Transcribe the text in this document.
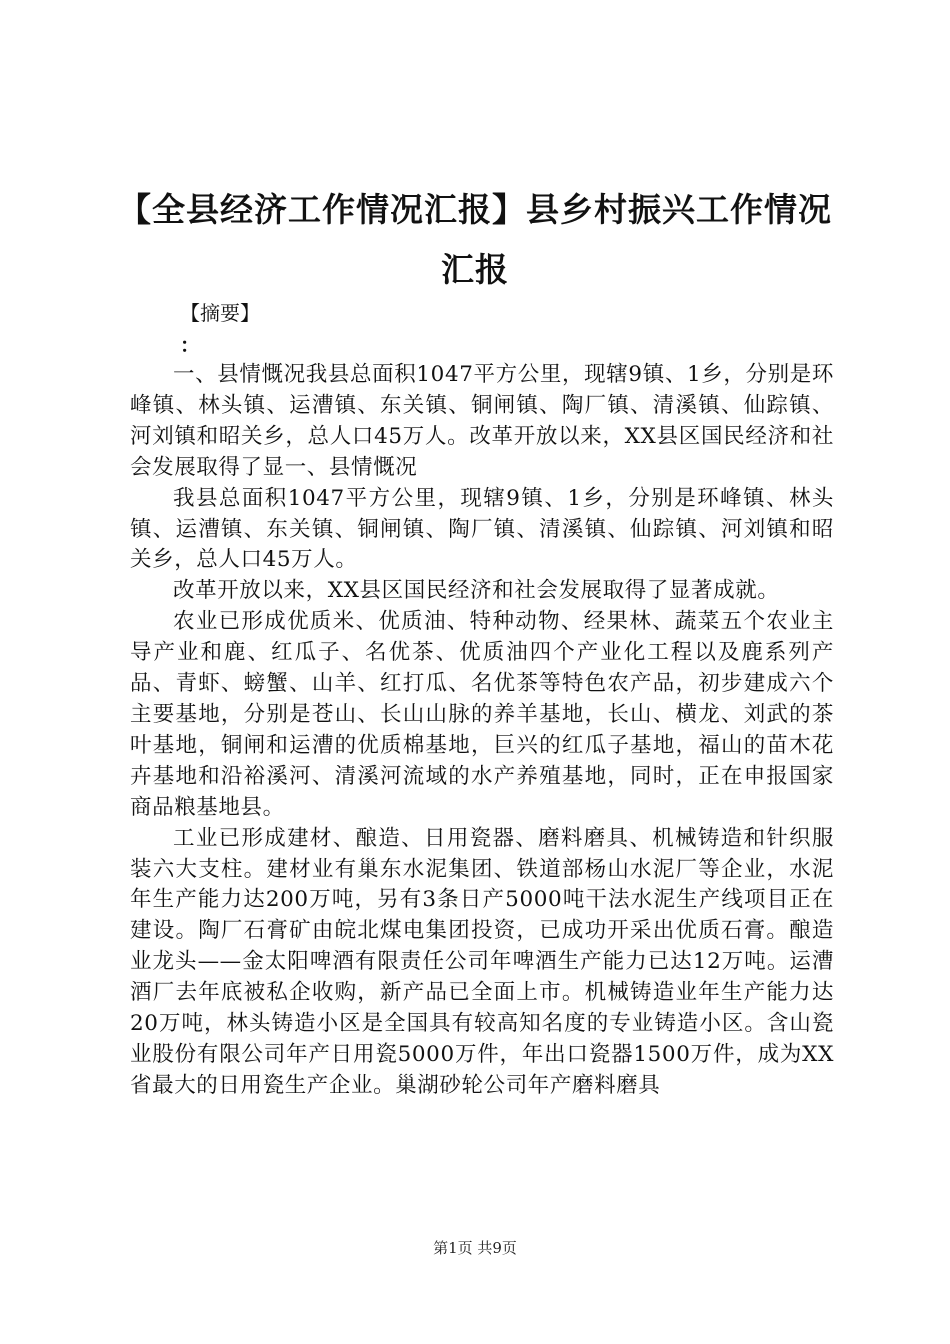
【全县经济工作情况汇报】县乡村振兴工作情况汇报

【摘要】

：

一、县情慨况我县总面积1047平方公里，现辖9镇、1乡，分别是环峰镇、林头镇、运漕镇、东关镇、铜闸镇、陶厂镇、清溪镇、仙踪镇、河刘镇和昭关乡，总人口45万人。改革开放以来，XX县区国民经济和社会发展取得了显一、县情慨况

我县总面积1047平方公里，现辖9镇、1乡，分别是环峰镇、林头镇、运漕镇、东关镇、铜闸镇、陶厂镇、清溪镇、仙踪镇、河刘镇和昭关乡，总人口45万人。

改革开放以来，XX县区国民经济和社会发展取得了显著成就。

农业已形成优质米、优质油、特种动物、经果林、蔬菜五个农业主导产业和鹿、红瓜子、名优茶、优质油四个产业化工程以及鹿系列产品、青虾、螃蟹、山羊、红打瓜、名优茶等特色农产品，初步建成六个主要基地，分别是苍山、长山山脉的养羊基地，长山、横龙、刘武的茶叶基地，铜闸和运漕的优质棉基地，巨兴的红瓜子基地，福山的苗木花卉基地和沿裕溪河、清溪河流域的水产养殖基地，同时，正在申报国家商品粮基地县。

工业已形成建材、酿造、日用瓷器、磨料磨具、机械铸造和针织服装六大支柱。建材业有巢东水泥集团、铁道部杨山水泥厂等企业，水泥年生产能力达200万吨，另有3条日产5000吨干法水泥生产线项目正在建设。陶厂石膏矿由皖北煤电集团投资，已成功开采出优质石膏。酿造业龙头——金太阳啤酒有限责任公司年啤酒生产能力已达12万吨。运漕酒厂去年底被私企收购，新产品已全面上市。机械铸造业年生产能力达20万吨，林头铸造小区是全国具有较高知名度的专业铸造小区。含山瓷业股份有限公司年产日用瓷5000万件，年出口瓷器1500万件，成为XX省最大的日用瓷生产企业。巢湖砂轮公司年产磨料磨具

第1页 共9页
